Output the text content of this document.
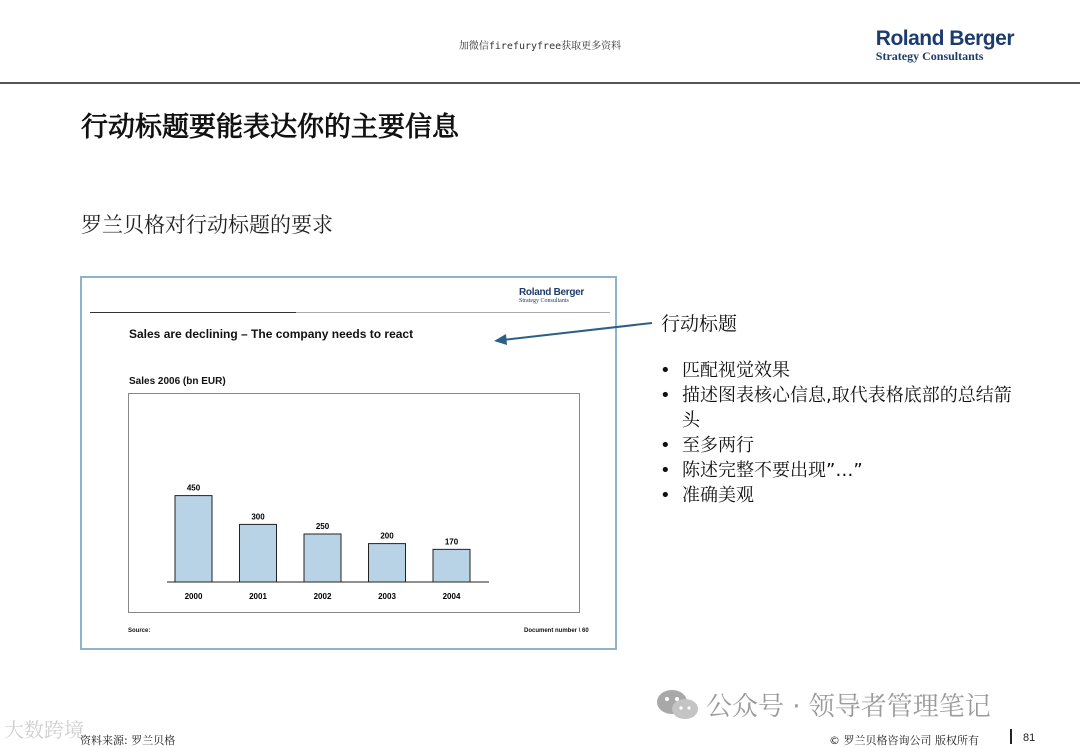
加微信firefuryfree获取更多资料	Roland Berger
Strategy Consultants
行动标题要能表达你的主要信息
罗兰贝格对行动标题的要求
Roland Berger
Strategy Consultants
Sales are declining – The company needs to react
Sales 2006 (bn EUR)
450
2000
300
2001
250
2002
200
2003
170
2004
Source:	Document number \ 60
行动标题
• 匹配视觉效果
• 描述图表核心信息,取代表格底部的总结箭头
• 至多两行
• 陈述完整不要出现”…”
• 准确美观
公众号 · 领导者管理笔记
大数跨境
资料来源: 罗兰贝格	© 罗兰贝格咨询公司 版权所有	81
